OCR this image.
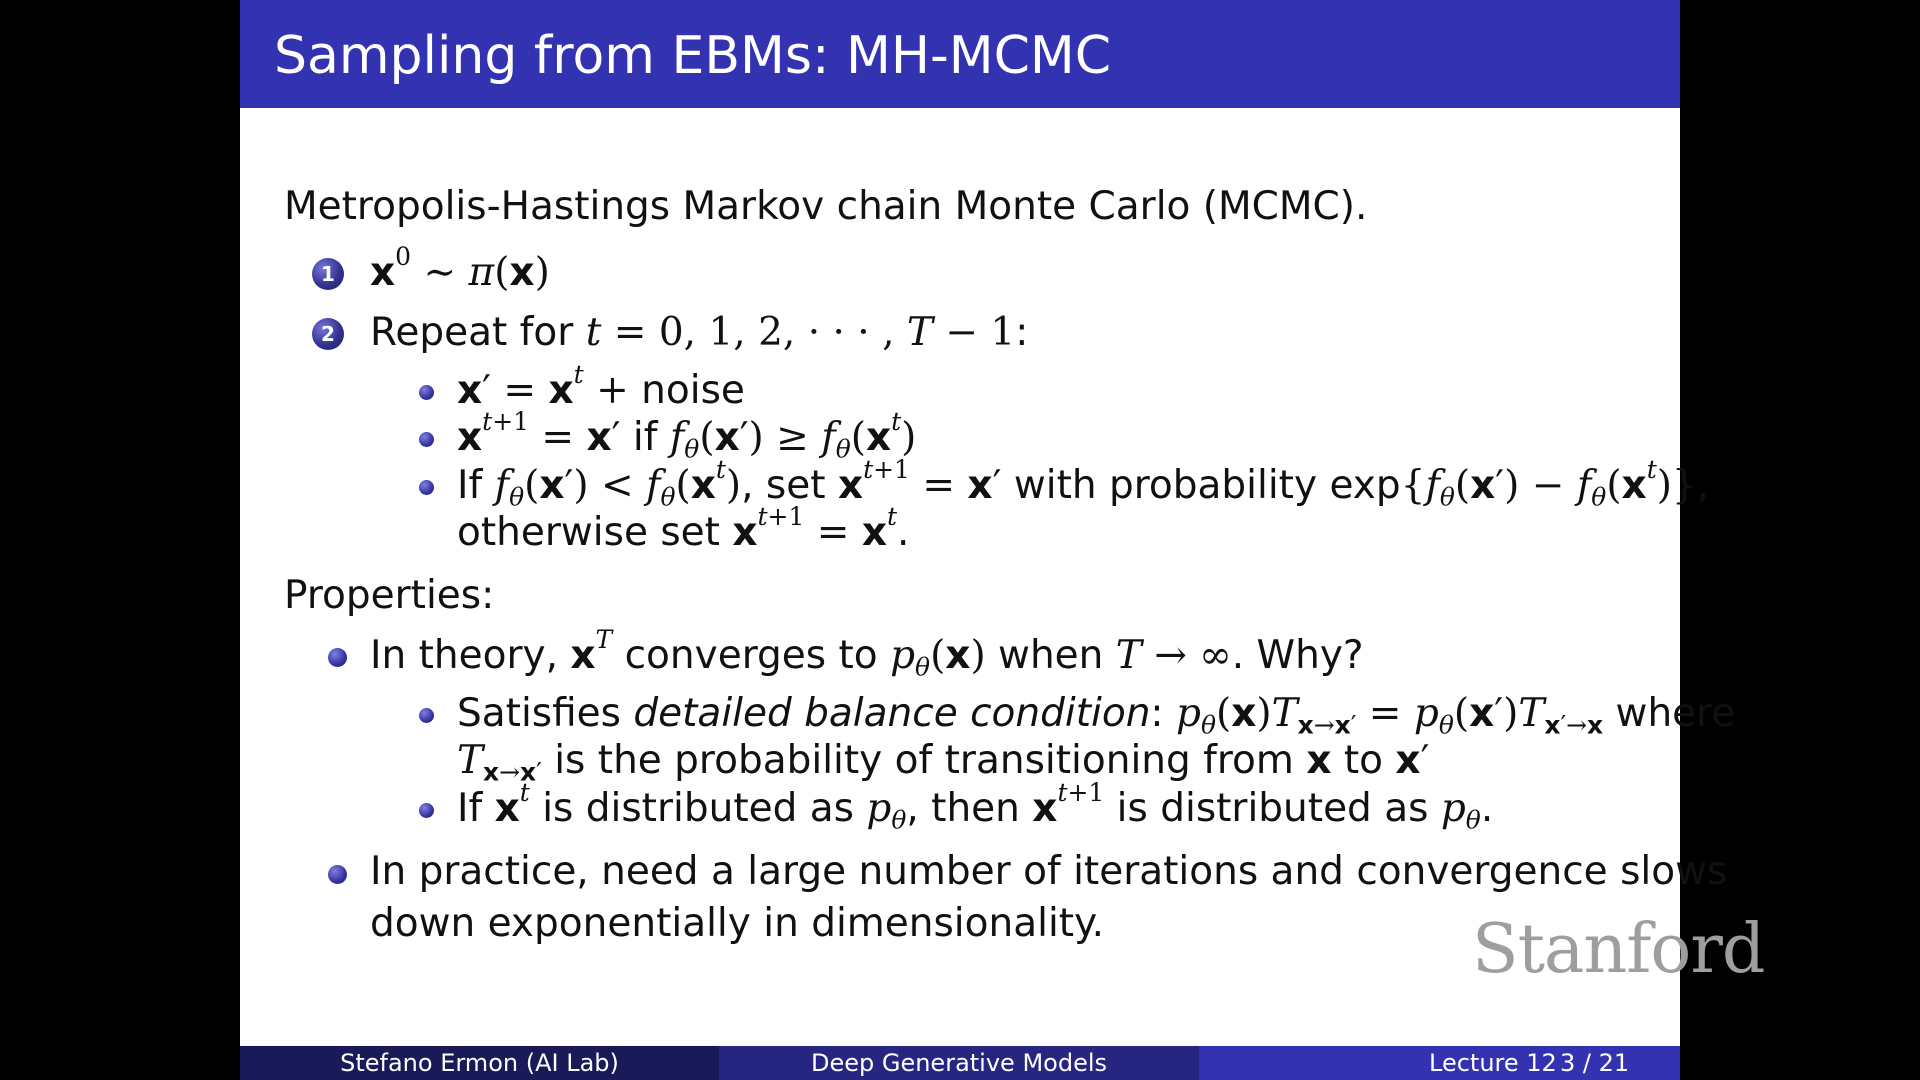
Sampling from EBMs: MH-MCMC
Metropolis-Hastings Markov chain Monte Carlo (MCMC).
1 $x^0$ ∼ π(x)
2 Repeat for t = 0, 1, 2, · · · , T − 1:
$x' = x^t$ + noise
$x^{t+1} = x'$ if $f_\theta(x') \ge f_\theta(x^t)$
If $f_\theta(x') < f_\theta(x^t)$, set $x^{t+1} = x'$ with probability $\exp\{f_\theta(x') - f_\theta(x^t)\}$,
otherwise set $x^{t+1} = x^t$.
Properties:
In theory, $x^T$ converges to $p_\theta(x)$ when T → ∞. Why?
Satisfies detailed balance condition: $p_\theta(x)T_{x\to x'} = p_\theta(x')T_{x'\to x}$ where
$T_{x\to x'}$ is the probability of transitioning from x to x′
If $x^t$ is distributed as $p_\theta$, then $x^{t+1}$ is distributed as $p_\theta$.
In practice, need a large number of iterations and convergence slows
down exponentially in dimensionality.	Stanford
Stefano Ermon (AI Lab)	Deep Generative Models	Lecture 12 3 / 21
